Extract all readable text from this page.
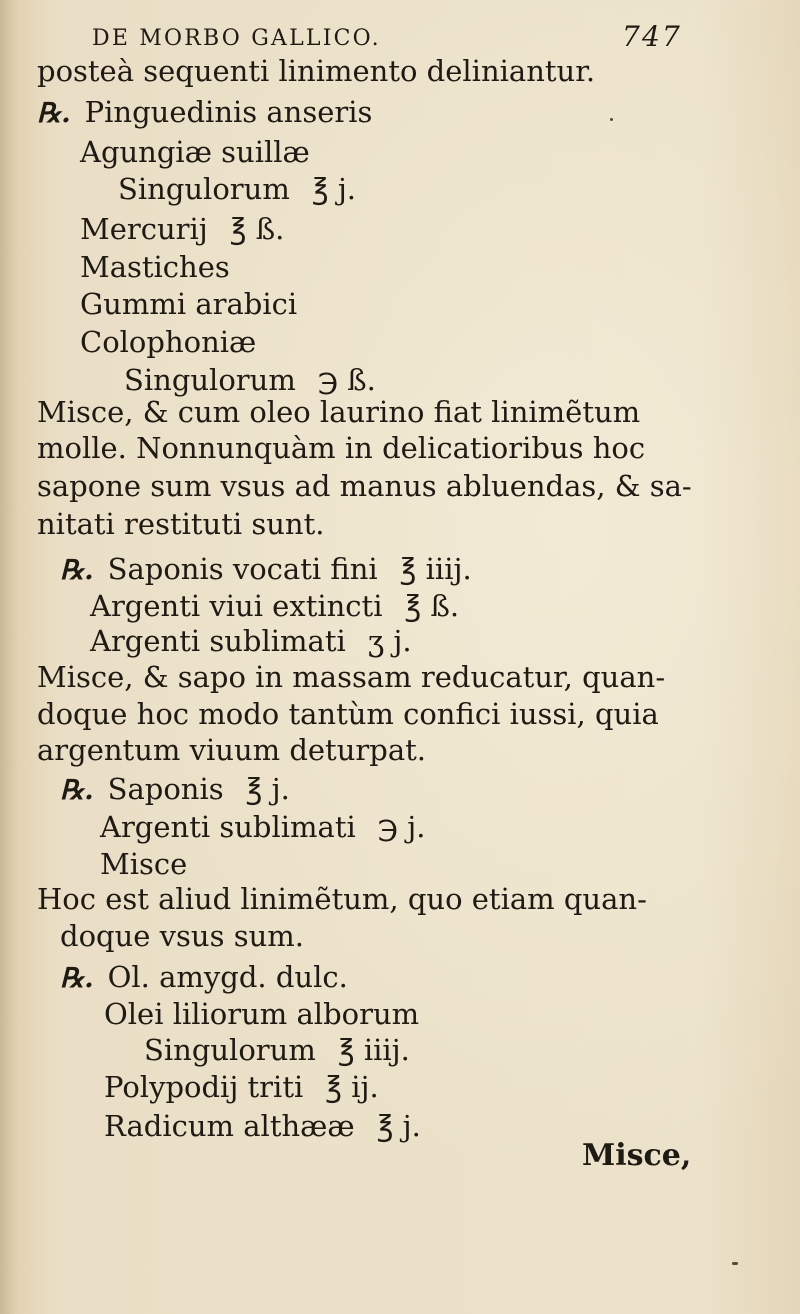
DE MORBO GALLICO.	747
posteà sequenti linimento deliniantur.
℞. Pinguedinis anseris
Agungiæ suillæ
Singulorum ℥ j.
Mercurij ℥ ß.
Mastiches
Gummi arabici
Colophoniæ
Singulorum ℈ ß.
Misce, & cum oleo laurino fiat linimẽtum
molle. Nonnunquàm in delicatioribus hoc
sapone sum vsus ad manus abluendas, & sa-
nitati restituti sunt.
℞. Saponis vocati fini ℥ iiij.
Argenti viui extincti ℥ ß.
Argenti sublimati ʒ j.
Misce, & sapo in massam reducatur, quan-
doque hoc modo tantùm confici iussi, quia
argentum viuum deturpat.
℞. Saponis ℥ j.
Argenti sublimati ℈ j.
Misce
Hoc est aliud linimẽtum, quo etiam quan-
doque vsus sum.
℞. Ol. amygd. dulc.
Olei liliorum alborum
Singulorum ℥ iiij.
Polypodij triti ℥ ij.
Radicum althææ ℥ j.
Misce,
